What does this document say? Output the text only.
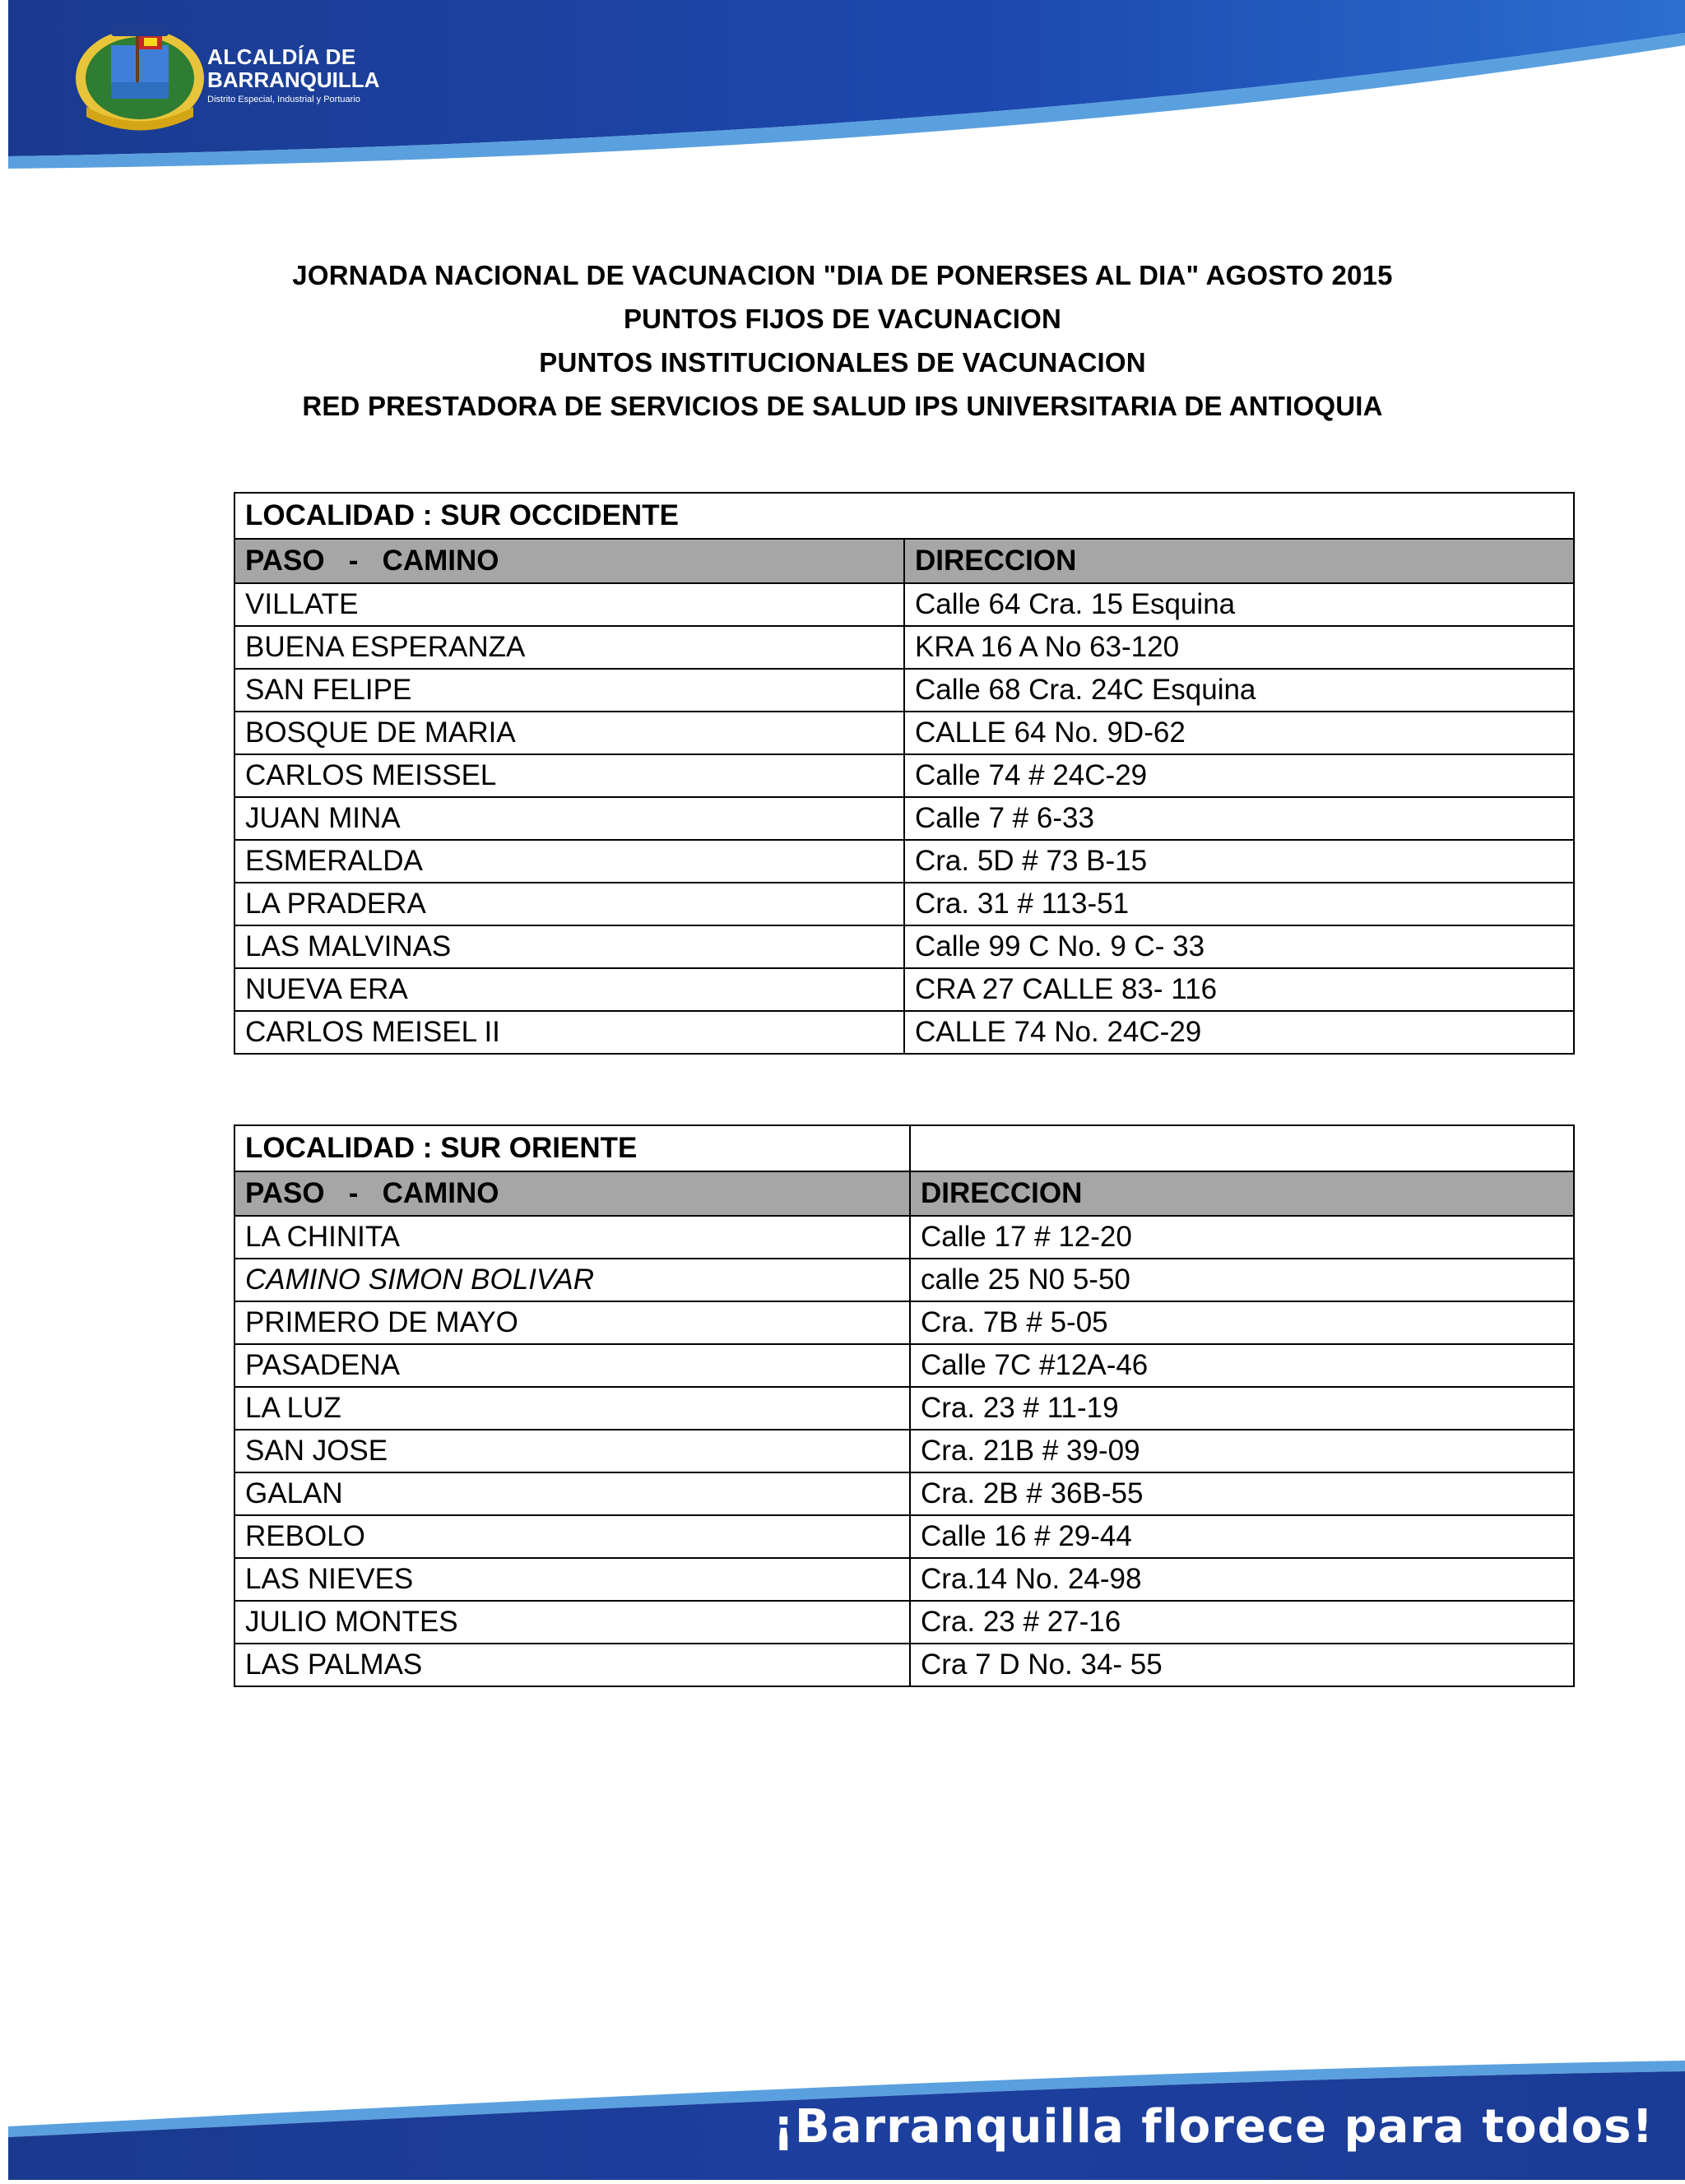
ALCALDÍA DE
BARRANQUILLA
Distrito Especial, Industrial y Portuario
JORNADA NACIONAL DE VACUNACION "DIA DE PONERSES AL DIA" AGOSTO 2015
PUNTOS FIJOS DE VACUNACION
PUNTOS INSTITUCIONALES DE VACUNACION
RED PRESTADORA DE SERVICIOS DE SALUD IPS UNIVERSITARIA DE ANTIOQUIA
LOCALIDAD : SUR OCCIDENTE	
PASO   -   CAMINO	DIRECCION
VILLATE	Calle 64 Cra. 15 Esquina
BUENA ESPERANZA	KRA 16 A No 63-120
SAN FELIPE	Calle 68 Cra. 24C Esquina
BOSQUE DE MARIA	CALLE 64 No. 9D-62
CARLOS MEISSEL	Calle 74 # 24C-29
JUAN MINA	Calle 7 # 6-33
ESMERALDA	Cra. 5D # 73 B-15
LA PRADERA	Cra. 31 # 113-51
LAS MALVINAS	Calle 99 C No. 9 C- 33
NUEVA ERA	CRA 27 CALLE 83- 116
CARLOS MEISEL II	CALLE 74 No. 24C-29
LOCALIDAD : SUR ORIENTE	
PASO   -   CAMINO	DIRECCION
LA CHINITA	Calle 17 # 12-20
CAMINO SIMON BOLIVAR	calle 25 N0 5-50
PRIMERO DE MAYO	Cra. 7B # 5-05
PASADENA	Calle 7C #12A-46
LA LUZ	Cra. 23 # 11-19
SAN JOSE	Cra. 21B # 39-09
GALAN	Cra. 2B # 36B-55
REBOLO	Calle 16 # 29-44
LAS NIEVES	Cra.14 No. 24-98
JULIO MONTES	Cra. 23 # 27-16
LAS PALMAS	Cra 7 D No. 34- 55
¡Barranquilla florece para todos!
